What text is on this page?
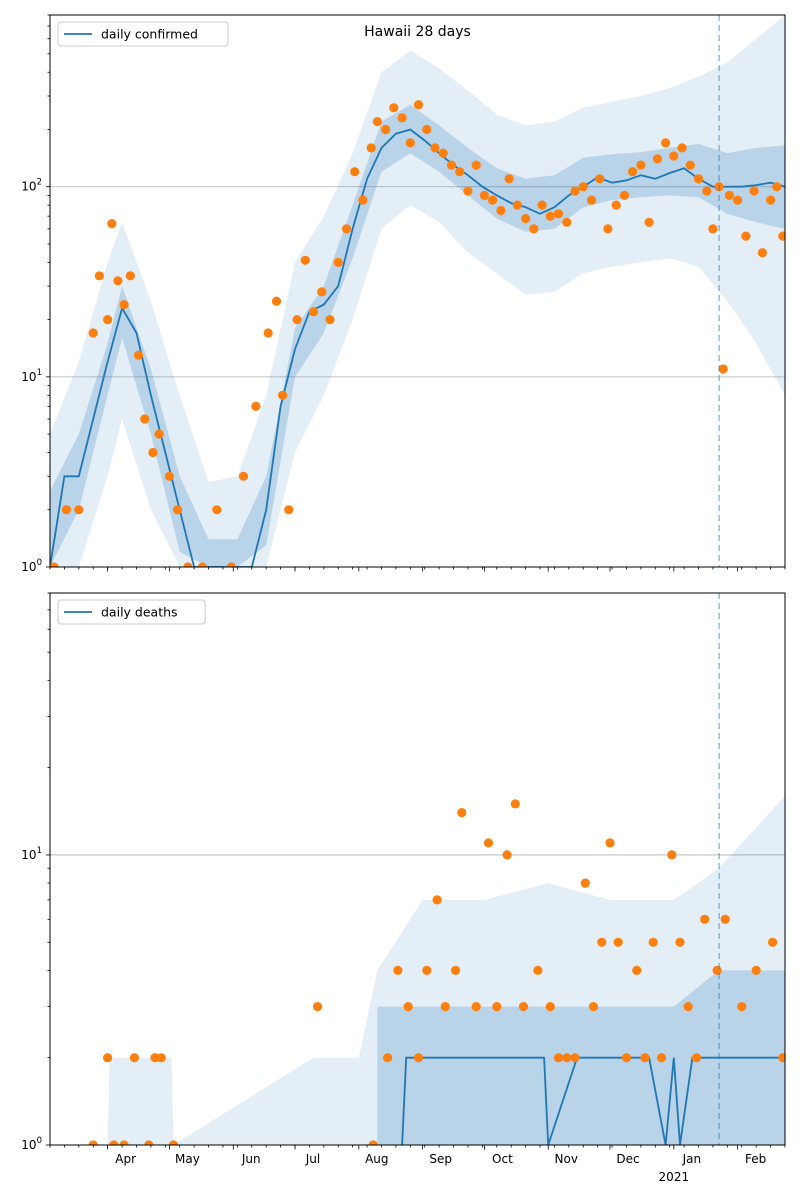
$10^0$
$10^1$
$10^2$
Hawaii 28 days
daily confirmed
$10^0$
$10^1$
Apr	May	Jun	Jul	Aug	Sep	Oct	Nov	Dec	Jan	Feb
2021
daily deaths
